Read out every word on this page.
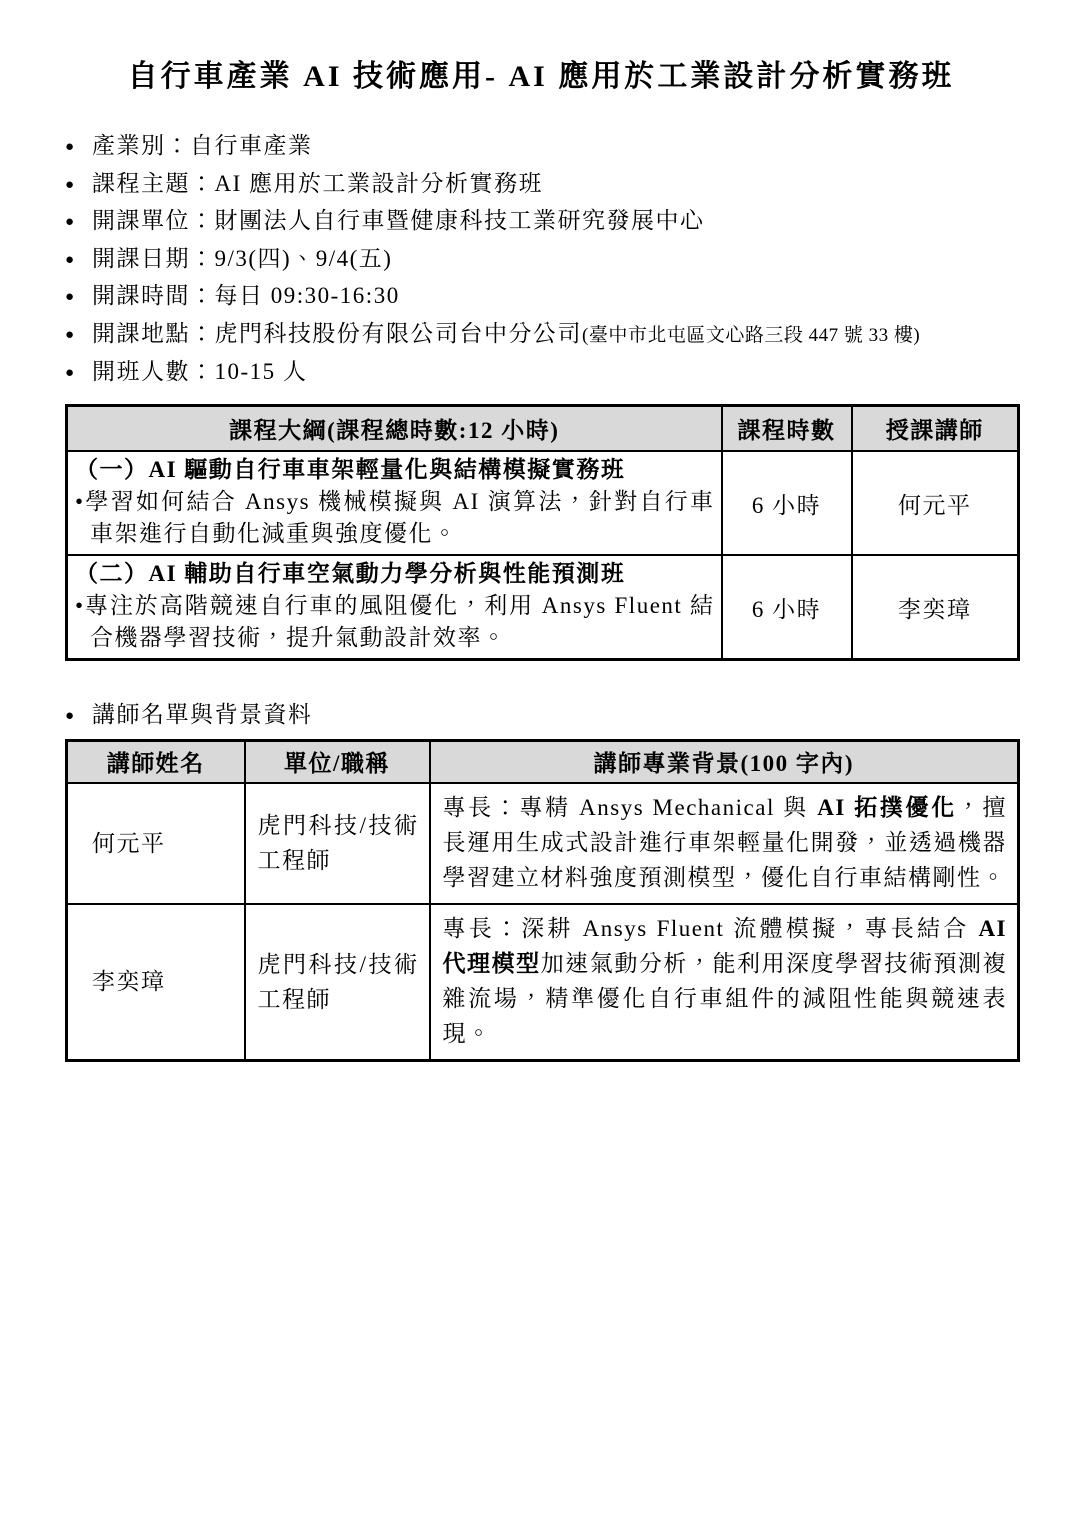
自行車產業 AI 技術應用- AI 應用於工業設計分析實務班
● 產業別：自行車產業
● 課程主題：AI 應用於工業設計分析實務班
● 開課單位：財團法人自行車暨健康科技工業研究發展中心
● 開課日期：9/3(四)、9/4(五)
● 開課時間：每日 09:30-16:30
● 開課地點：虎門科技股份有限公司台中分公司(臺中市北屯區文心路三段 447 號 33 樓)
● 開班人數：10-15 人
課程大綱(課程總時數:12 小時)	課程時數	授課講師

（一）AI 驅動自行車車架輕量化與結構模擬實務班
•學習如何結合 Ansys 機械模擬與 AI 演算法，針對自行車車架進行自動化減重與強度優化。	6 小時	何元平

（二）AI 輔助自行車空氣動力學分析與性能預測班
•專注於高階競速自行車的風阻優化，利用 Ansys Fluent 結合機器學習技術，提升氣動設計效率。	6 小時	李奕璋
● 講師名單與背景資料
講師姓名	單位/職稱	講師專業背景(100 字內)
何元平	虎門科技/技術工程師	專長：專精 Ansys Mechanical 與 AI 拓撲優化，擅長運用生成式設計進行車架輕量化開發，並透過機器學習建立材料強度預測模型，優化自行車結構剛性。
李奕璋	虎門科技/技術工程師	專長：深耕 Ansys Fluent 流體模擬，專長結合 AI 代理模型加速氣動分析，能利用深度學習技術預測複雜流場，精準優化自行車組件的減阻性能與競速表現。
